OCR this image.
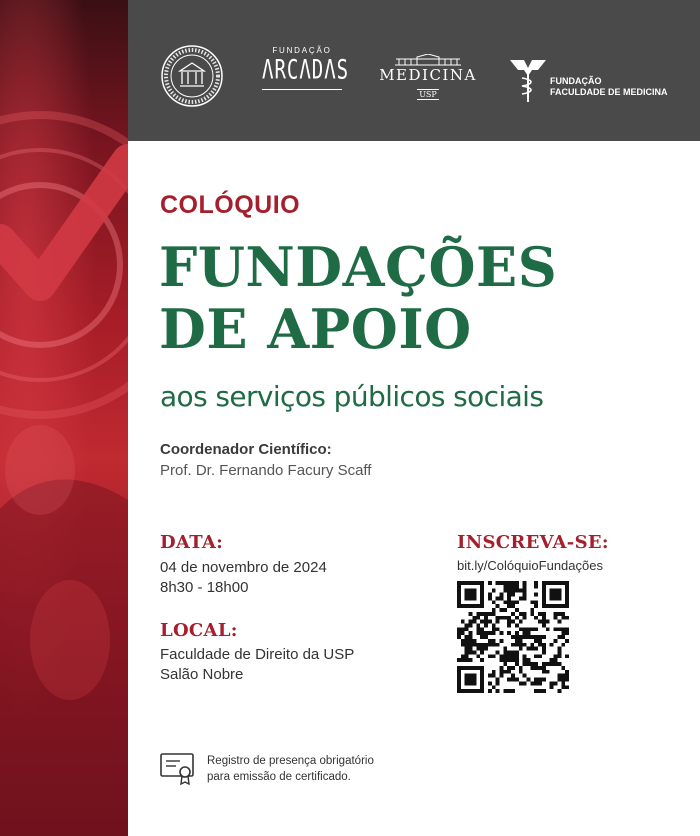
FUNDAÇÃO
ΛRCΛDΛS MEDICINA
USP
FUNDAÇÃO
FACULDADE DE MEDICINA
COLÓQUIO
FUNDAÇÕES
DE APOIO
aos serviços públicos sociais
Coordenador Científico:
Prof. Dr. Fernando Facury Scaff
DATA:
04 de novembro de 2024
8h30 - 18h00
LOCAL:
Faculdade de Direito da USP
Salão Nobre
INSCREVA-SE:
bit.ly/ColóquioFundações
Registro de presença obrigatório
para emissão de certificado.
